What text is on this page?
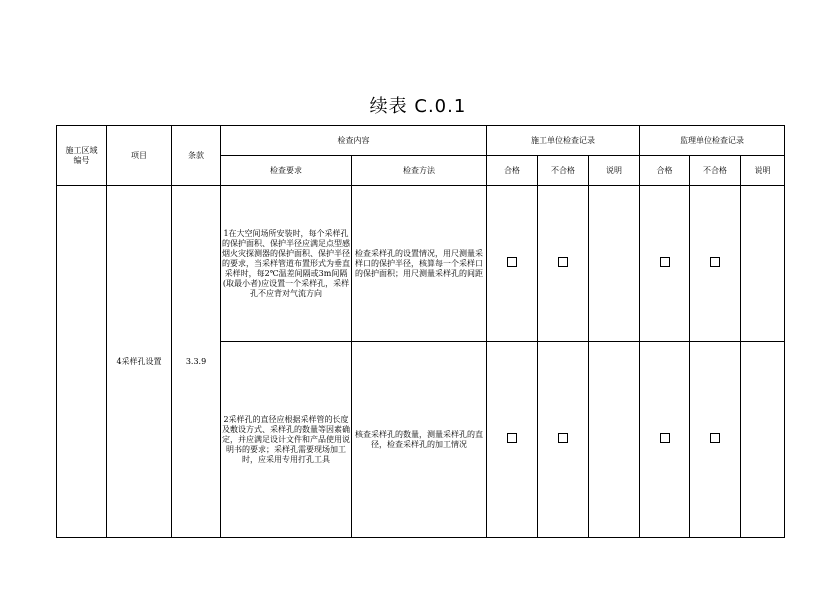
续表 C.0.1
施工区域编号	项目	条款	检查内容		施工单位检查记录			监理单位检查记录		
			检查要求	检查方法	合格	不合格	说明	合格	不合格	说明
	4采样孔设置	3.3.9	1在大空间场所安装时，每个采样孔的保护面积、保护半径应满足点型感烟火灾探测器的保护面积、保护半径的要求，当采样管道布置形式为垂直采样时，每2℃温差间隔或3m间隔(取最小者)应设置一个采样孔，采样孔不应背对气流方向	检查采样孔的设置情况，用尺测量采样口的保护半径，核算每一个采样口的保护面积；用尺测量采样孔的间距						
			2采样孔的直径应根据采样管的长度及敷设方式、采样孔的数量等因素确定，并应满足设计文件和产品使用说明书的要求；采样孔需要现场加工时，应采用专用打孔工具	核查采样孔的数量，测量采样孔的直径，检查采样孔的加工情况						
